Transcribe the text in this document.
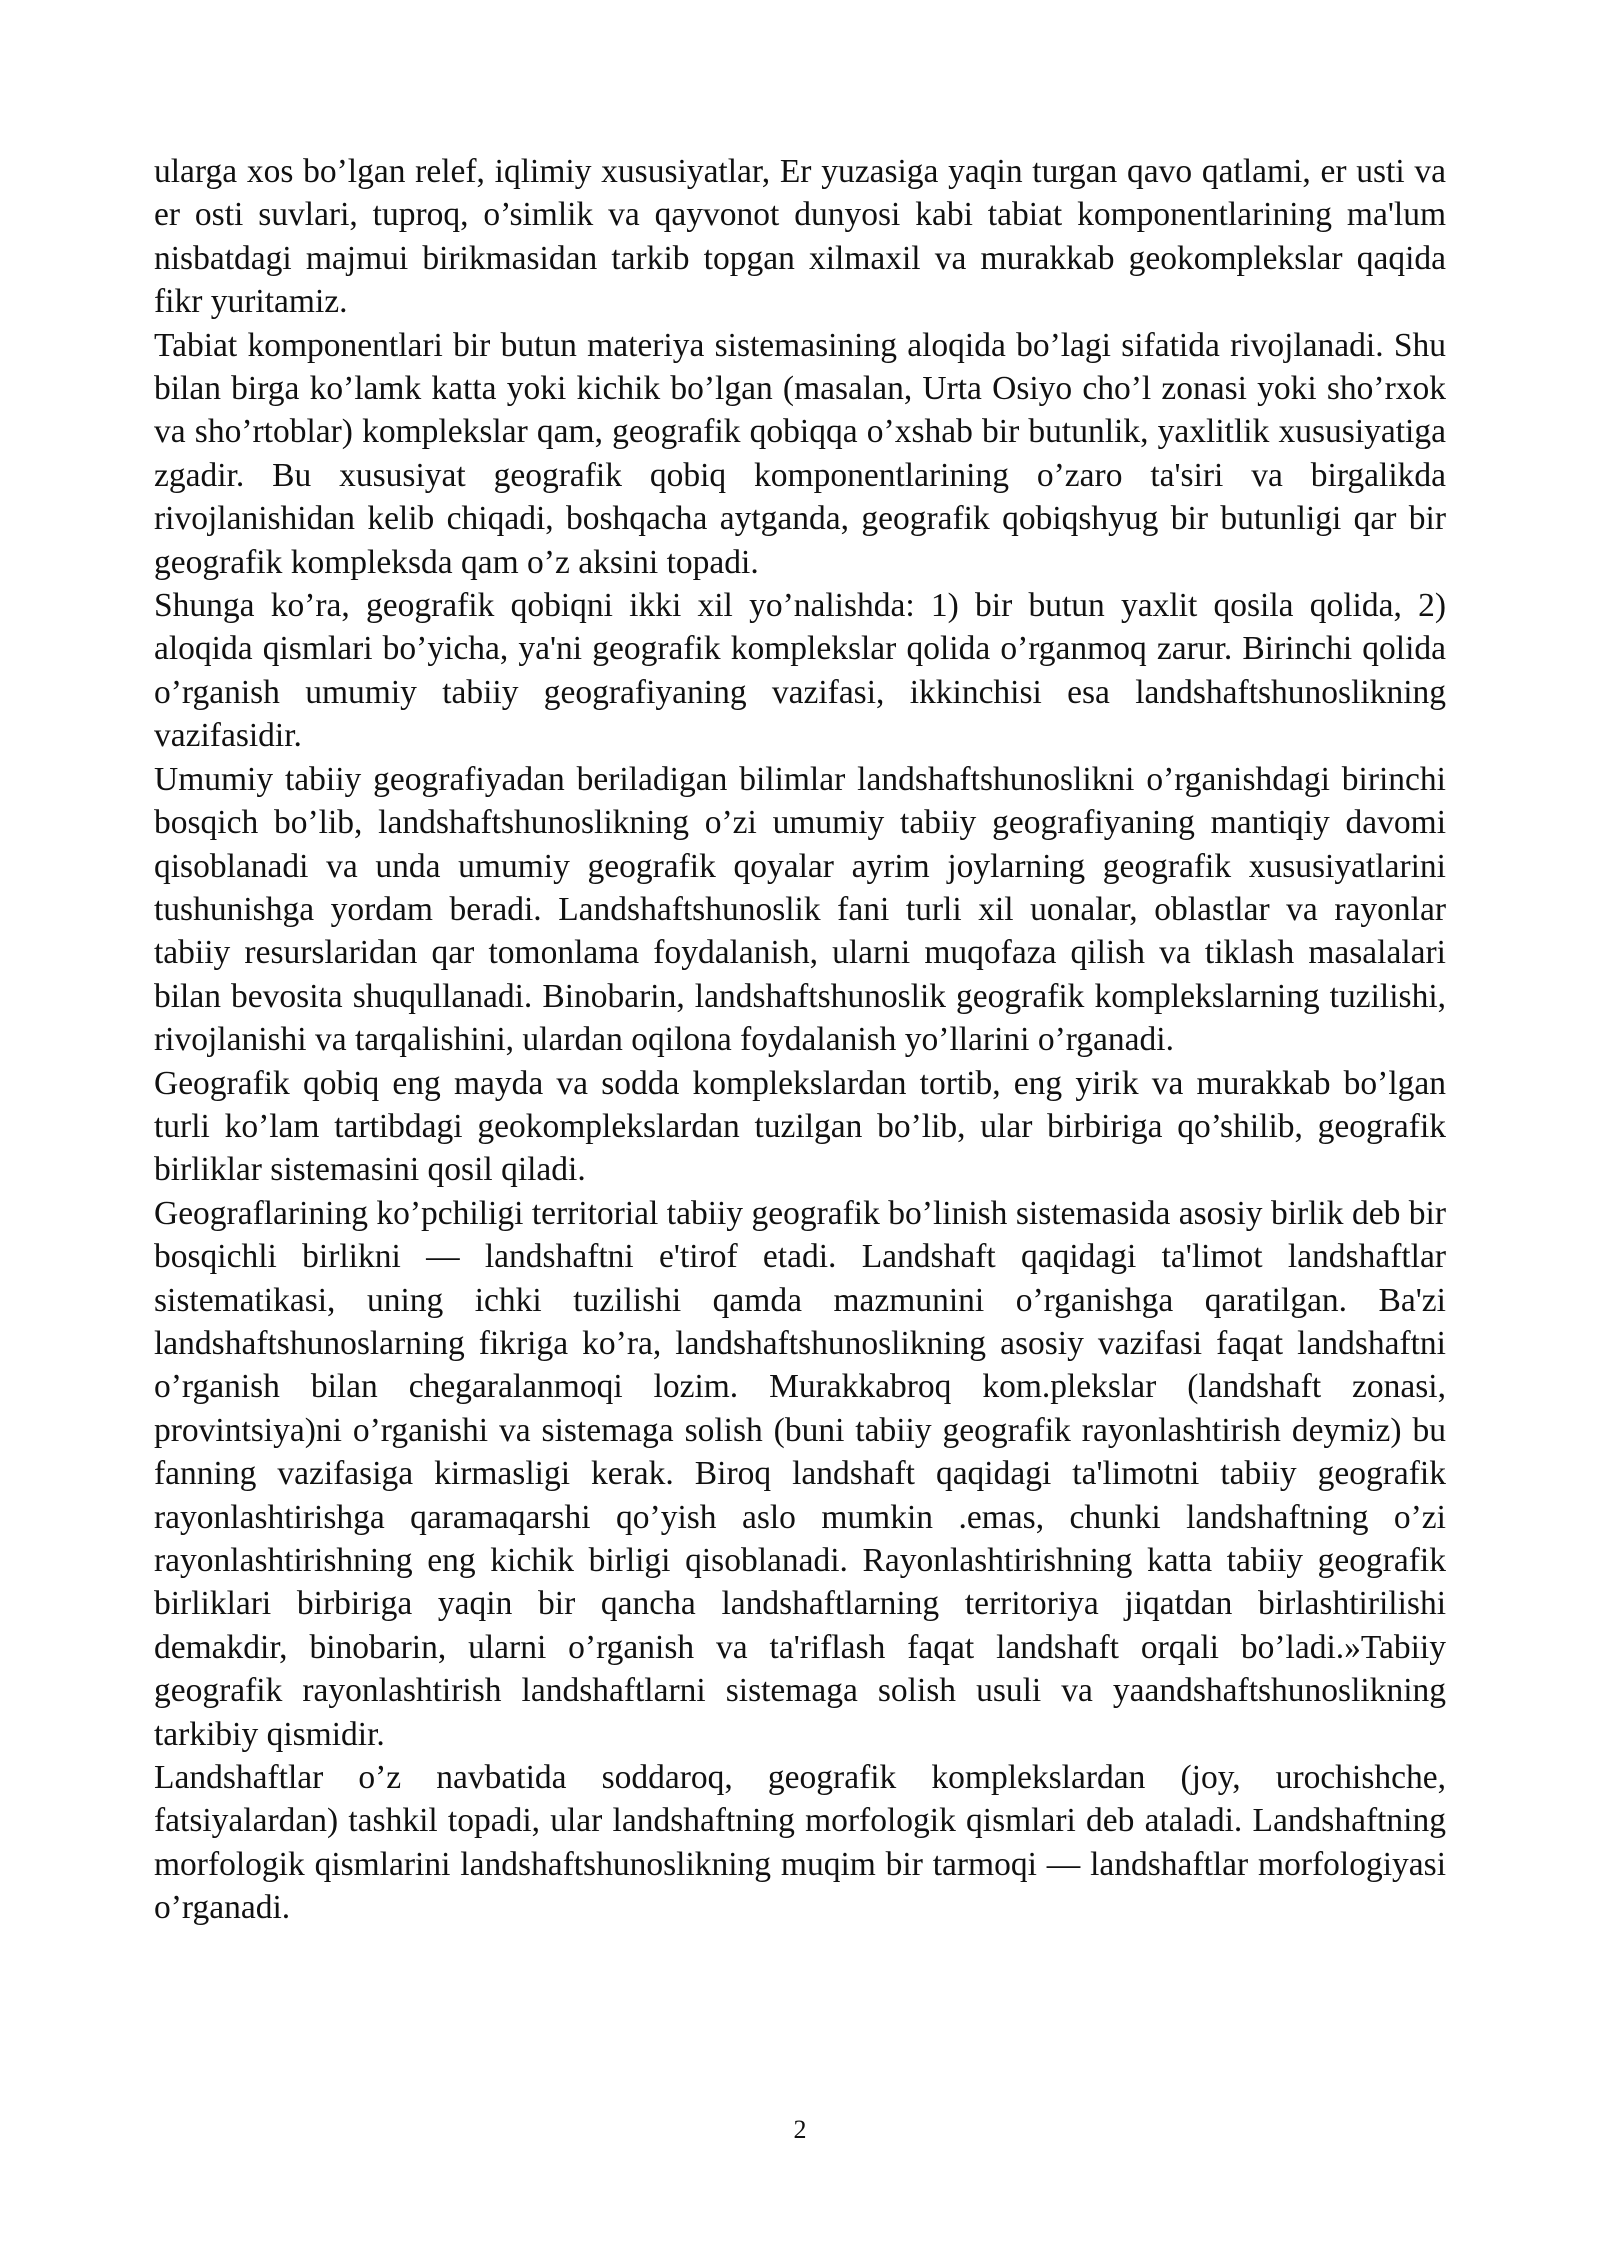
ularga xos bo’lgan relef, iqlimiy xususiyatlar, Er yuzasiga yaqin turgan qavo qatlami, er usti va er osti suvlari, tuproq, o’simlik va qayvonot dunyosi kabi tabiat komponentlarining ma'lum nisbatdagi majmui birikmasidan tarkib topgan xilmaxil va murakkab geokomplekslar qaqida fikr yuritamiz.

Tabiat komponentlari bir butun materiya sistemasining aloqida bo’lagi sifatida rivojlanadi. Shu bilan birga ko’lamk katta yoki kichik bo’lgan (masalan, Urta Osiyo cho’l zonasi yoki sho’rxok va sho’rtoblar) komplekslar qam, geografik qobiqqa o’xshab bir butunlik, yaxlitlik xususiyatiga zgadir. Bu xususiyat geografik qobiq komponentlarining o’zaro ta'siri va birgalikda rivojlanishidan kelib chiqadi, boshqacha aytganda, geografik qobiqshyug bir butunligi qar bir geografik kompleksda qam o’z aksini topadi.

Shunga ko’ra, geografik qobiqni ikki xil yo’nalishda: 1) bir butun yaxlit qosila qolida, 2) aloqida qismlari bo’yicha, ya'ni geografik komplekslar qolida o’rganmoq zarur. Birinchi qolida o’rganish umumiy tabiiy geografiyaning vazifasi, ikkinchisi esa landshaftshunoslikning vazifasidir.

Umumiy tabiiy geografiyadan beriladigan bilimlar landshaftshunoslikni o’rganishdagi birinchi bosqich bo’lib, landshaftshunoslikning o’zi umumiy tabiiy geografiyaning mantiqiy davomi qisoblanadi va unda umumiy geografik qoyalar ayrim joylarning geografik xususiyatlarini tushunishga yordam beradi. Landshaftshunoslik fani turli xil uonalar, oblastlar va rayonlar tabiiy resurslaridan qar tomonlama foydalanish, ularni muqofaza qilish va tiklash masalalari bilan bevosita shuqullanadi. Binobarin, landshaftshunoslik geografik komplekslarning tuzilishi, rivojlanishi va tarqalishini, ulardan oqilona foydalanish yo’llarini o’rganadi.

Geografik qobiq eng mayda va sodda komplekslardan tortib, eng yirik va murakkab bo’lgan turli ko’lam tartibdagi geokomplekslardan tuzilgan bo’lib, ular birbiriga qo’shilib, geografik birliklar sistemasini qosil qiladi.

Geograflarining ko’pchiligi territorial tabiiy geografik bo’linish sistemasida asosiy birlik deb bir bosqichli birlikni — landshaftni e'tirof etadi. Landshaft qaqidagi ta'limot landshaftlar sistematikasi, uning ichki tuzilishi qamda mazmunini o’rganishga qaratilgan. Ba'zi landshaftshunoslarning fikriga ko’ra, landshaftshunoslikning asosiy vazifasi faqat landshaftni o’rganish bilan chegaralanmoqi lozim. Murakkabroq kom.plekslar (landshaft zonasi, provintsiya)ni o’rganishi va sistemaga solish (buni tabiiy geografik rayonlashtirish deymiz) bu fanning vazifasiga kirmasligi kerak. Biroq landshaft qaqidagi ta'limotni tabiiy geografik rayonlashtirishga qaramaqarshi qo’yish aslo mumkin .emas, chunki landshaftning o’zi rayonlashtirishning eng kichik birligi qisoblanadi. Rayonlashtirishning katta tabiiy geografik birliklari birbiriga yaqin bir qancha landshaftlarning territoriya jiqatdan birlashtirilishi demakdir, binobarin, ularni o’rganish va ta'riflash faqat landshaft orqali bo’ladi.»Tabiiy geografik rayonlashtirish landshaftlarni sistemaga solish usuli va yaandshaftshunoslikning tarkibiy qismidir.

Landshaftlar o’z navbatida soddaroq, geografik komplekslardan (joy, urochishche, fatsiyalardan) tashkil topadi, ular landshaftning morfologik qismlari deb ataladi. Landshaftning morfologik qismlarini landshaftshunoslikning muqim bir tarmoqi — landshaftlar morfologiyasi o’rganadi.

2
